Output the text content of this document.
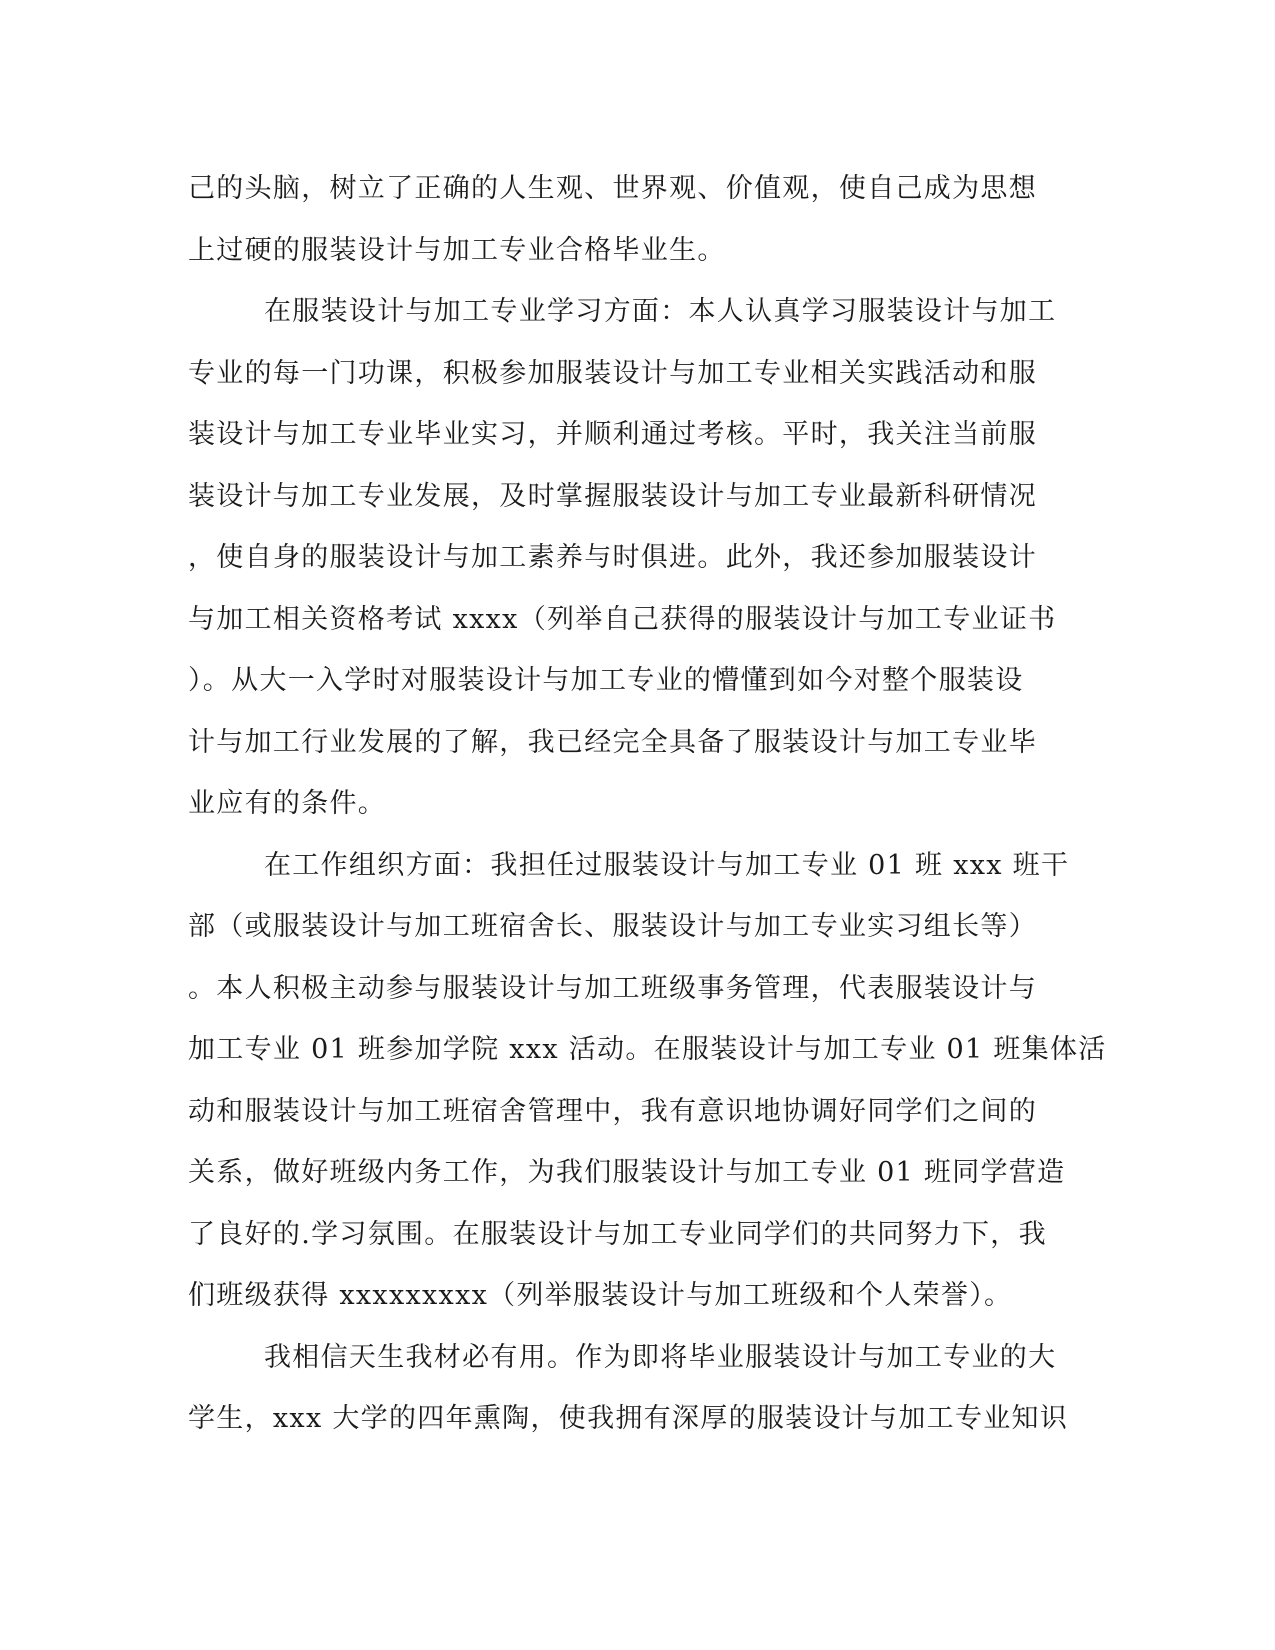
己的头脑，树立了正确的人生观、世界观、价值观，使自己成为思想
上过硬的服装设计与加工专业合格毕业生。

在服装设计与加工专业学习方面：本人认真学习服装设计与加工
专业的每一门功课，积极参加服装设计与加工专业相关实践活动和服
装设计与加工专业毕业实习，并顺利通过考核。平时，我关注当前服
装设计与加工专业发展，及时掌握服装设计与加工专业最新科研情况
，使自身的服装设计与加工素养与时俱进。此外，我还参加服装设计
与加工相关资格考试 xxxx（列举自己获得的服装设计与加工专业证书
）。从大一入学时对服装设计与加工专业的懵懂到如今对整个服装设
计与加工行业发展的了解，我已经完全具备了服装设计与加工专业毕
业应有的条件。

在工作组织方面：我担任过服装设计与加工专业 01 班 xxx 班干
部（或服装设计与加工班宿舍长、服装设计与加工专业实习组长等）
。本人积极主动参与服装设计与加工班级事务管理，代表服装设计与
加工专业 01 班参加学院 xxx 活动。在服装设计与加工专业 01 班集体活
动和服装设计与加工班宿舍管理中，我有意识地协调好同学们之间的
关系，做好班级内务工作，为我们服装设计与加工专业 01 班同学营造
了良好的.学习氛围。在服装设计与加工专业同学们的共同努力下，我
们班级获得 xxxxxxxxx（列举服装设计与加工班级和个人荣誉）。

我相信天生我材必有用。作为即将毕业服装设计与加工专业的大
学生，xxx 大学的四年熏陶，使我拥有深厚的服装设计与加工专业知识
